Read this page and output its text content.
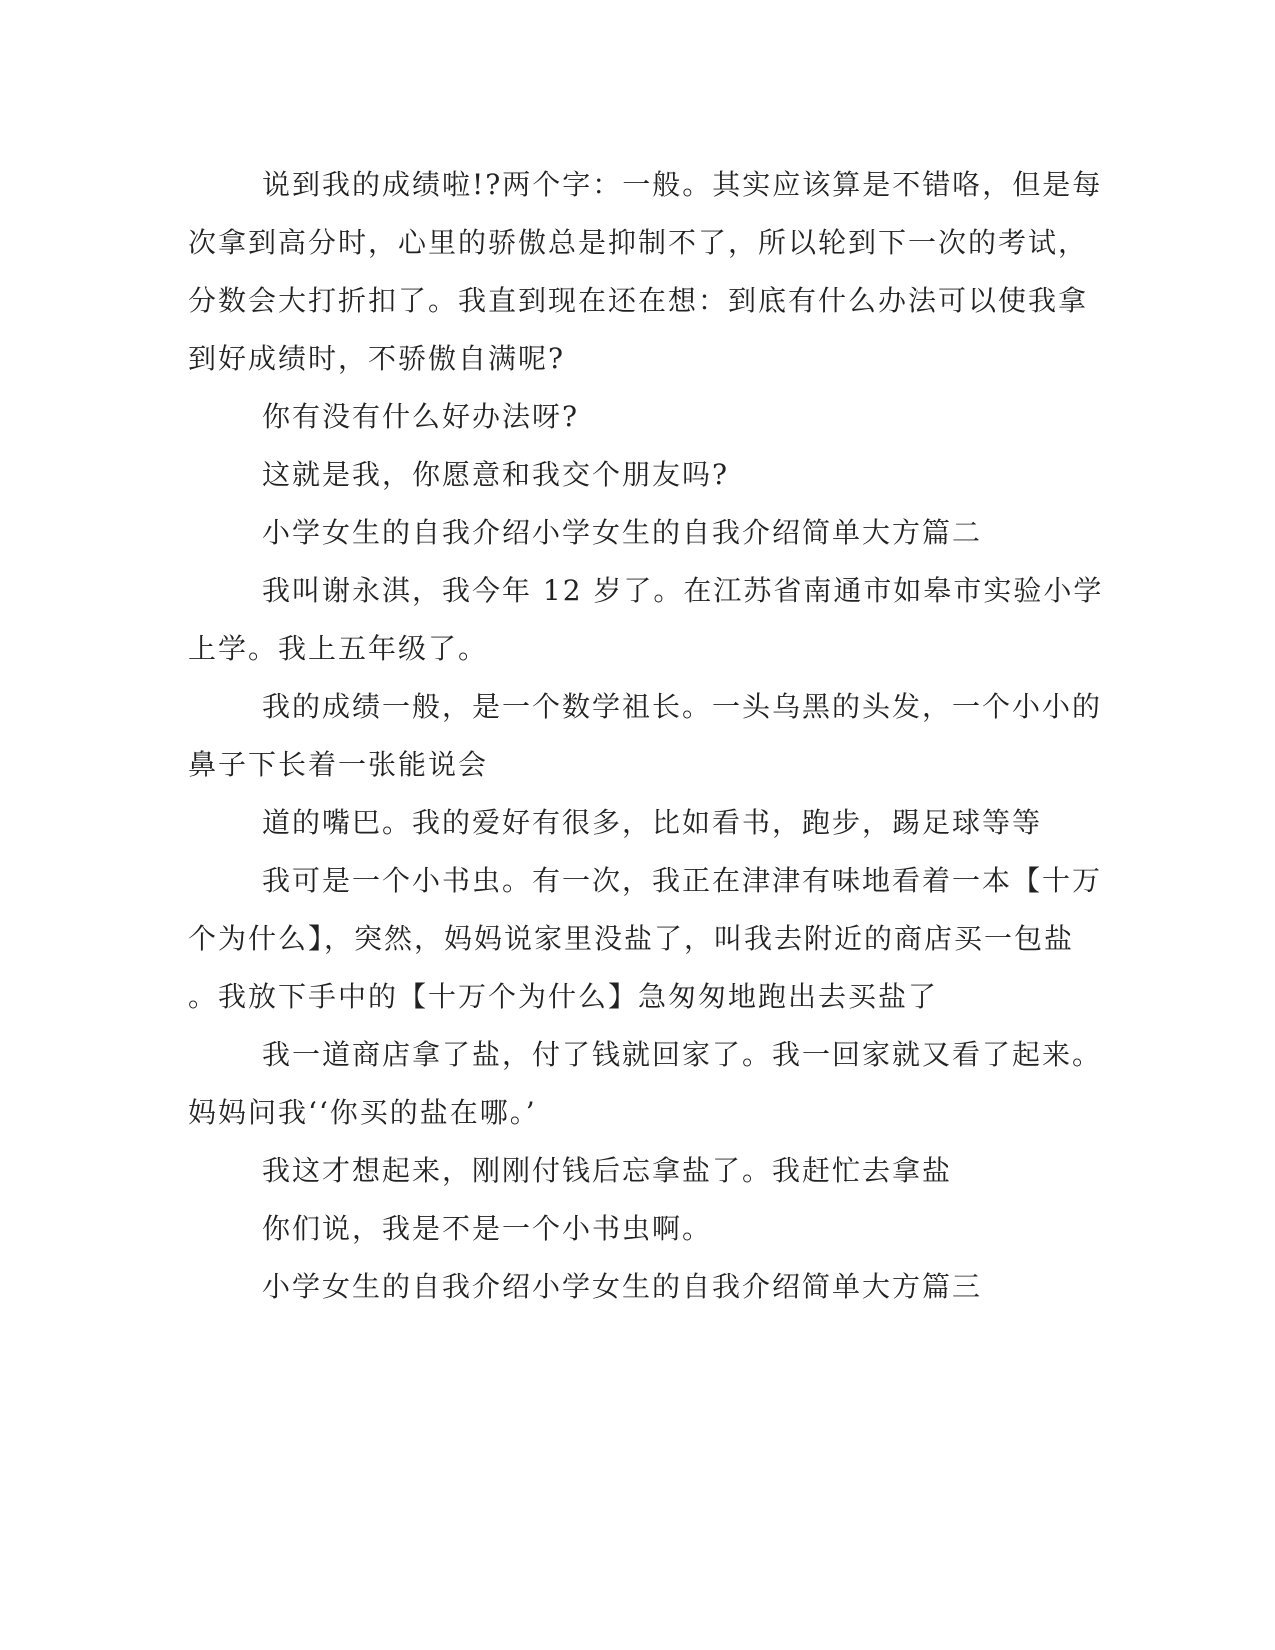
说到我的成绩啦!?两个字：一般。其实应该算是不错咯，但是每
次拿到高分时，心里的骄傲总是抑制不了，所以轮到下一次的考试，
分数会大打折扣了。我直到现在还在想：到底有什么办法可以使我拿
到好成绩时，不骄傲自满呢?
你有没有什么好办法呀?
这就是我，你愿意和我交个朋友吗?
小学女生的自我介绍小学女生的自我介绍简单大方篇二
我叫谢永淇，我今年 12 岁了。在江苏省南通市如皋市实验小学
上学。我上五年级了。
我的成绩一般，是一个数学祖长。一头乌黑的头发，一个小小的
鼻子下长着一张能说会
道的嘴巴。我的爱好有很多，比如看书，跑步，踢足球等等
我可是一个小书虫。有一次，我正在津津有味地看着一本【十万
个为什么】，突然，妈妈说家里没盐了，叫我去附近的商店买一包盐
。我放下手中的【十万个为什么】急匆匆地跑出去买盐了
我一道商店拿了盐，付了钱就回家了。我一回家就又看了起来。
妈妈问我‘‘你买的盐在哪。’
我这才想起来，刚刚付钱后忘拿盐了。我赶忙去拿盐
你们说，我是不是一个小书虫啊。
小学女生的自我介绍小学女生的自我介绍简单大方篇三
